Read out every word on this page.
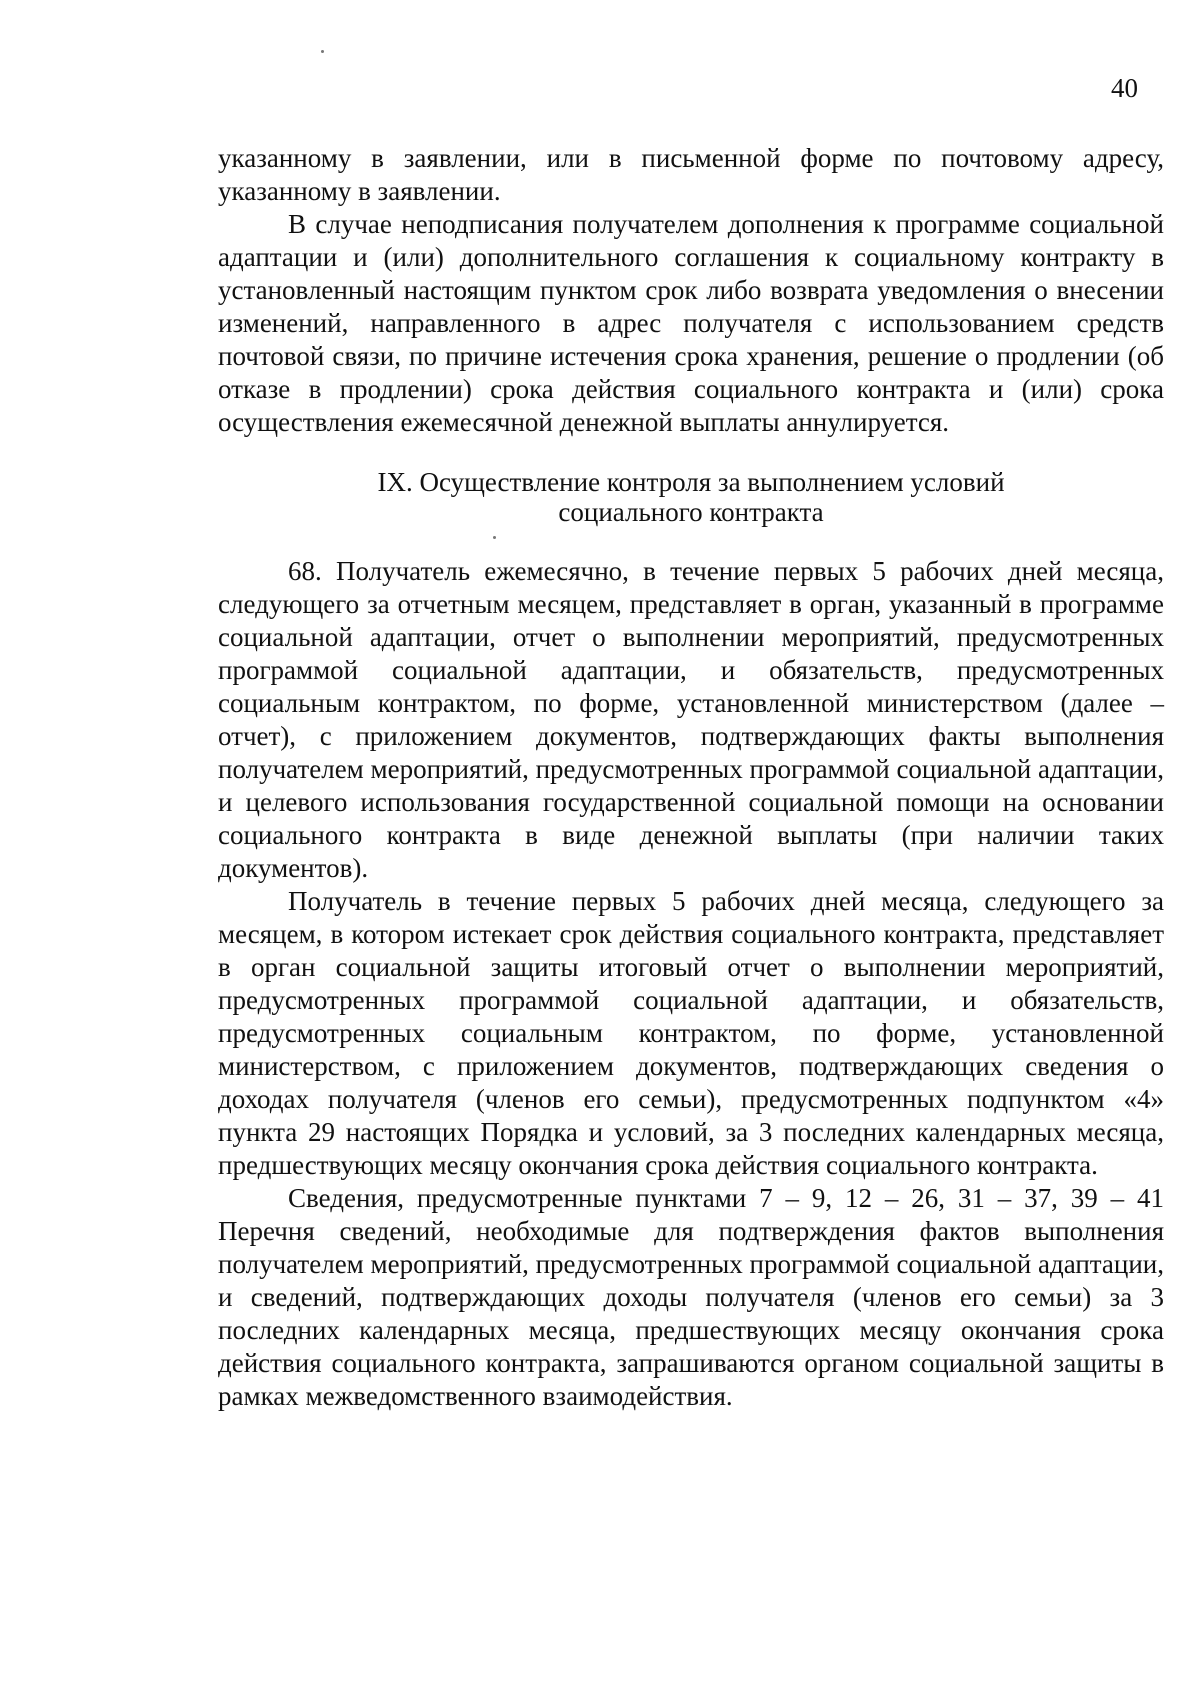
40

указанному в заявлении, или в письменной форме по почтовому адресу, указанному в заявлении.

В случае неподписания получателем дополнения к программе социальной адаптации и (или) дополнительного соглашения к социальному контракту в установленный настоящим пунктом срок либо возврата уведомления о внесении изменений, направленного в адрес получателя с использованием средств почтовой связи, по причине истечения срока хранения, решение о продлении (об отказе в продлении) срока действия социального контракта и (или) срока осуществления ежемесячной денежной выплаты аннулируется.

IX. Осуществление контроля за выполнением условий
социального контракта

68. Получатель ежемесячно, в течение первых 5 рабочих дней месяца, следующего за отчетным месяцем, представляет в орган, указанный в программе социальной адаптации, отчет о выполнении мероприятий, предусмотренных программой социальной адаптации, и обязательств, предусмотренных социальным контрактом, по форме, установленной министерством (далее – отчет), с приложением документов, подтверждающих факты выполнения получателем мероприятий, предусмотренных программой социальной адаптации, и целевого использования государственной социальной помощи на основании социального контракта в виде денежной выплаты (при наличии таких документов).

Получатель в течение первых 5 рабочих дней месяца, следующего за месяцем, в котором истекает срок действия социального контракта, представляет в орган социальной защиты итоговый отчет о выполнении мероприятий, предусмотренных программой социальной адаптации, и обязательств, предусмотренных социальным контрактом, по форме, установленной министерством, с приложением документов, подтверждающих сведения о доходах получателя (членов его семьи), предусмотренных подпунктом «4» пункта 29 настоящих Порядка и условий, за 3 последних календарных месяца, предшествующих месяцу окончания срока действия социального контракта.

Сведения, предусмотренные пунктами 7 – 9, 12 – 26, 31 – 37, 39 – 41 Перечня сведений, необходимые для подтверждения фактов выполнения получателем мероприятий, предусмотренных программой социальной адаптации, и сведений, подтверждающих доходы получателя (членов его семьи) за 3 последних календарных месяца, предшествующих месяцу окончания срока действия социального контракта, запрашиваются органом социальной защиты в рамках межведомственного взаимодействия.
